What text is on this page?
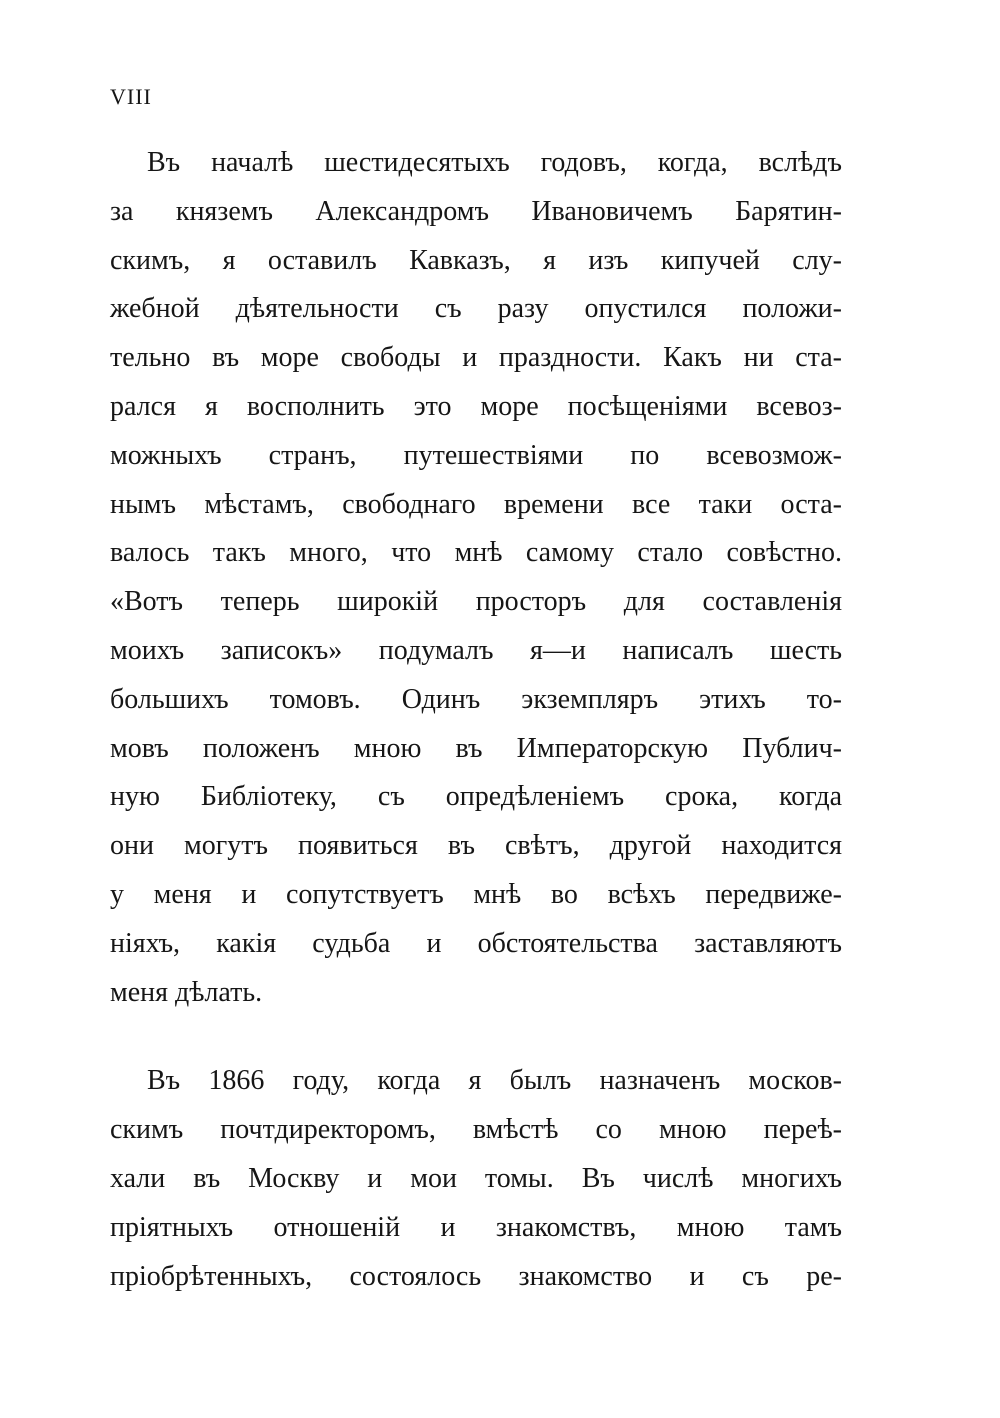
VIII
Въ началѣ шестидесятыхъ годовъ, когда, вслѣдъ
за княземъ Александромъ Ивановичемъ Барятин-
скимъ, я оставилъ Кавказъ, я изъ кипучей слу-
жебной дѣятельности съ разу опустился положи-
тельно въ море свободы и праздности. Какъ ни ста-
рался я восполнить это море посѣщеніями всевоз-
можныхъ странъ, путешествіями по всевозмож-
нымъ мѣстамъ, свободнаго времени все таки оста-
валось такъ много, что мнѣ самому стало совѣстно.
«Вотъ теперь широкій просторъ для составленія
моихъ записокъ» подумалъ я—и написалъ шесть
большихъ томовъ. Одинъ экземпляръ этихъ то-
мовъ положенъ мною въ Императорскую Публич-
ную Библіотеку, съ опредѣленіемъ срока, когда
они могутъ появиться въ свѣтъ, другой находится
у меня и сопутствуетъ мнѣ во всѣхъ передвиже-
ніяхъ, какія судьба и обстоятельства заставляютъ
меня дѣлать.
Въ 1866 году, когда я былъ назначенъ москов-
скимъ почтдиректоромъ, вмѣстѣ со мною переѣ-
хали въ Москву и мои томы. Въ числѣ многихъ
пріятныхъ отношеній и знакомствъ, мною тамъ
пріобрѣтенныхъ, состоялось знакомство и съ ре-
